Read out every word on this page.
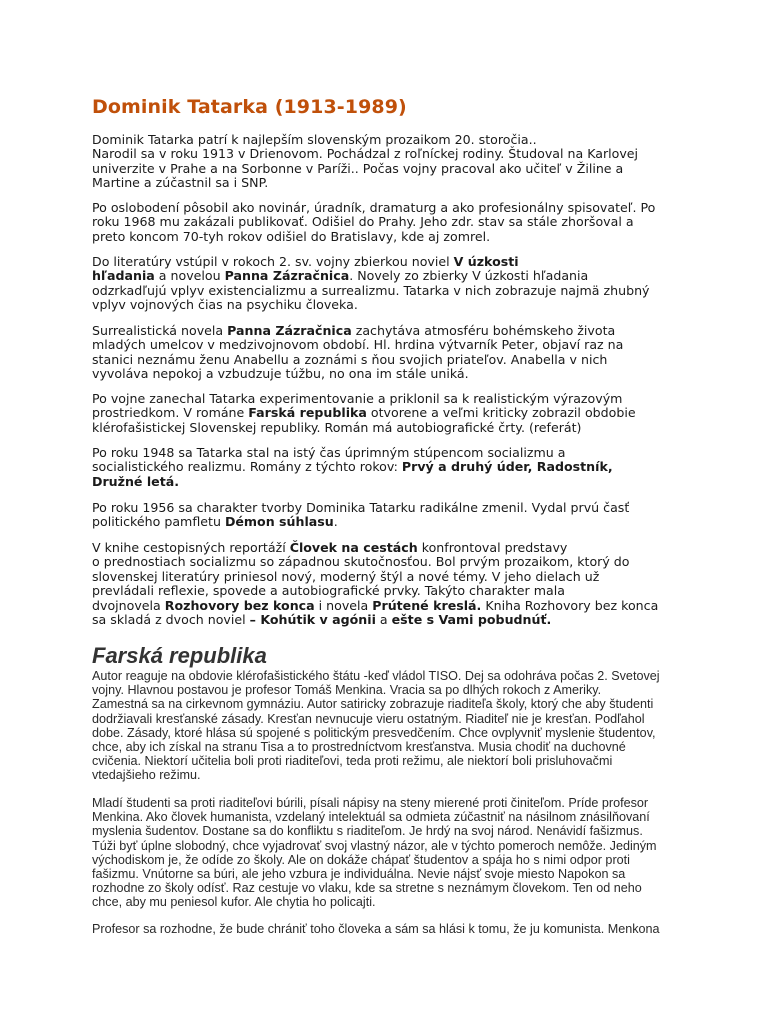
Dominik Tatarka (1913-1989)

Dominik Tatarka patrí k najlepším slovenským prozaikom 20. storočia..
Narodil sa v roku 1913 v Drienovom. Pochádzal z roľníckej rodiny. Študoval na Karlovej
univerzite v Prahe a na Sorbonne v Paríži.. Počas vojny pracoval ako učiteľ v Žiline a
Martine a zúčastnil sa i SNP.

Po oslobodení pôsobil ako novinár, úradník, dramaturg a ako profesionálny spisovateľ. Po
roku 1968 mu zakázali publikovať. Odišiel do Prahy. Jeho zdr. stav sa stále zhoršoval a
preto koncom 70-tyh rokov odišiel do Bratislavy, kde aj zomrel.

Do literatúry vstúpil v rokoch 2. sv. vojny zbierkou noviel V úzkosti
hľadania a novelou Panna Zázračnica. Novely zo zbierky V úzkosti hľadania
odzrkadľujú vplyv existencializmu a surrealizmu. Tatarka v nich zobrazuje najmä zhubný
vplyv vojnových čias na psychiku človeka.

Surrealistická novela Panna Zázračnica zachytáva atmosféru bohémskeho života
mladých umelcov v medzivojnovom období. Hl. hrdina výtvarník Peter, objaví raz na
stanici neznámu ženu Anabellu a zoznámi s ňou svojich priateľov. Anabella v nich
vyvoláva nepokoj a vzbudzuje túžbu, no ona im stále uniká.

Po vojne zanechal Tatarka experimentovanie a priklonil sa k realistickým výrazovým
prostriedkom. V románe Farská republika otvorene a veľmi kriticky zobrazil obdobie
klérofašistickej Slovenskej republiky. Román má autobiografické črty. (referát)

Po roku 1948 sa Tatarka stal na istý čas úprimným stúpencom socializmu a
socialistického realizmu. Romány z týchto rokov: Prvý a druhý úder, Radostník,
Družné letá.

Po roku 1956 sa charakter tvorby Dominika Tatarku radikálne zmenil. Vydal prvú časť
politického pamfletu Démon súhlasu.

V knihe cestopisných reportáží Človek na cestách konfrontoval predstavy
o prednostiach socializmu so západnou skutočnosťou. Bol prvým prozaikom, ktorý do
slovenskej literatúry priniesol nový, moderný štýl a nové témy. V jeho dielach už
prevládali reflexie, spovede a autobiografické prvky. Takýto charakter mala
dvojnovela Rozhovory bez konca i novela Prútené kreslá. Kniha Rozhovory bez konca
sa skladá z dvoch noviel – Kohútik v agónii a ešte s Vami pobudnúť.

Farská republika
Autor reaguje na obdovie klérofašistického štátu -keď vládol TISO. Dej sa odohráva počas 2. Svetovej
vojny. Hlavnou postavou je profesor Tomáš Menkina. Vracia sa po dlhých rokoch z Ameriky.
Zamestná sa na cirkevnom gymnáziu. Autor satiricky zobrazuje riaditeľa školy, ktorý che aby študenti
dodržiavali kresťanské zásady. Kresťan nevnucuje vieru ostatným. Riaditeľ nie je kresťan. Podľahol
dobe. Zásady, ktoré hlása sú spojené s politickým presvedčením. Chce ovplyvniť myslenie študentov,
chce, aby ich získal na stranu Tisa a to prostredníctvom kresťanstva. Musia chodiť na duchovné
cvičenia. Niektorí učitelia boli proti riaditeľovi, teda proti režimu, ale niektorí boli prisluhovačmi
vtedajšieho režimu.
Mladí študenti sa proti riaditeľovi búrili, písali nápisy na steny mierené proti činiteľom. Príde profesor
Menkina. Ako človek humanista, vzdelaný intelektuál sa odmieta zúčastniť na násilnom znásilňovaní
myslenia šudentov. Dostane sa do konfliktu s riaditeľom. Je hrdý na svoj národ. Nenávidí fašizmus.
Túži byť úplne slobodný, chce vyjadrovať svoj vlastný názor, ale v týchto pomeroch nemôže. Jediným
východiskom je, že odíde zo školy. Ale on dokáže chápať študentov a spája ho s nimi odpor proti
fašizmu. Vnútorne sa búri, ale jeho vzbura je individuálna. Nevie nájsť svoje miesto Napokon sa
rozhodne zo školy odísť. Raz cestuje vo vlaku, kde sa stretne s neznámym človekom. Ten od neho
chce, aby mu peniesol kufor. Ale chytia ho policajti.
Profesor sa rozhodne, že bude chrániť toho človeka a sám sa hlási k tomu, že ju komunista. Menkona
